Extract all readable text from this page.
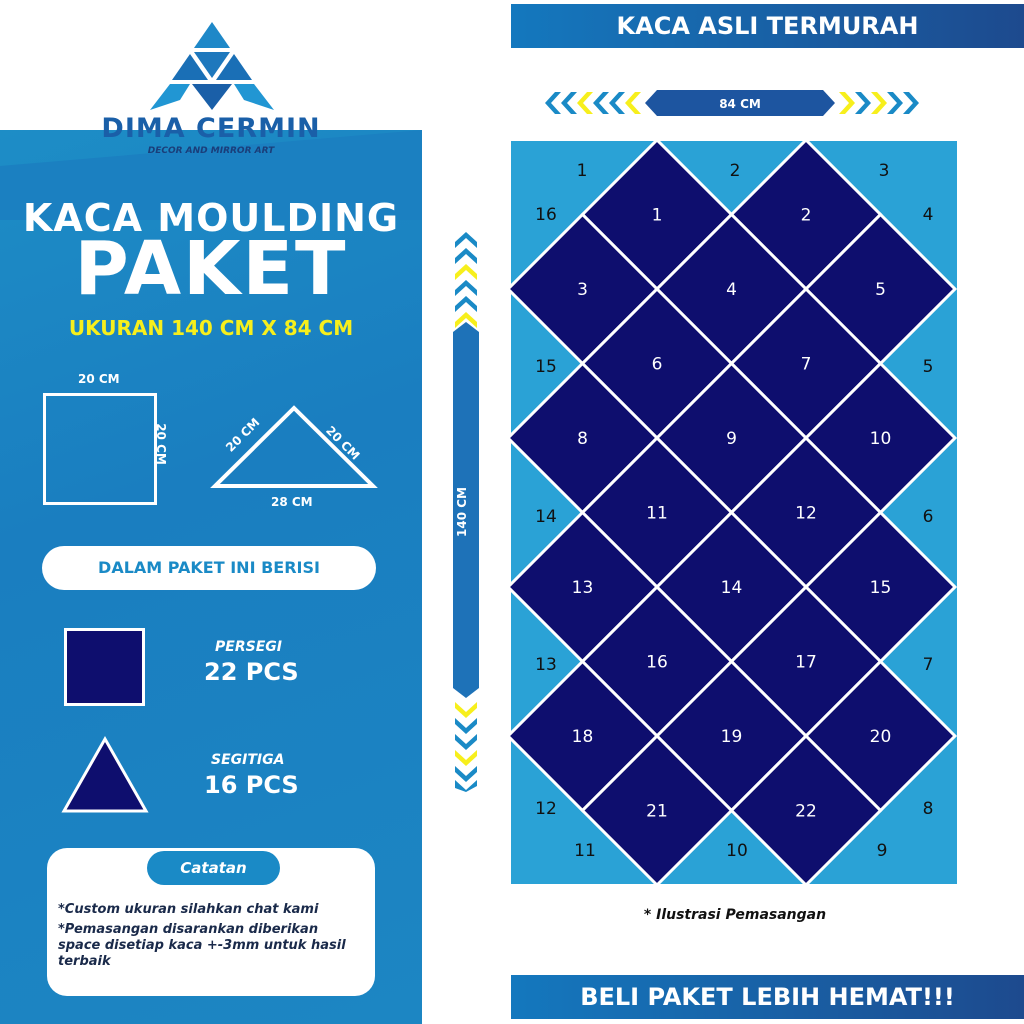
DIMA CERMIN
DECOR AND MIRROR ART
KACA MOULDING
PAKET
UKURAN 140 CM X 84 CM
20 CM
20 CM	20 CM	20 CM
28 CM
DALAM PAKET INI BERISI
PERSEGI
22 PCS
SEGITIGA
16 PCS
Catatan
*Custom ukuran silahkan chat kami
*Pemasangan disarankan diberikan space disetiap kaca +-3mm untuk hasil terbaik
KACA ASLI TERMURAH
BELI PAKET LEBIH HEMAT!!!
84 CM
140 CM
1	2
3	4	5
6	7
8	9	10
11	12
13	14	15
16	17
18	19	20
21	22
1	2	3
4
5
6
7
8
9
10
11
12
13
14
15
16
* Ilustrasi Pemasangan
